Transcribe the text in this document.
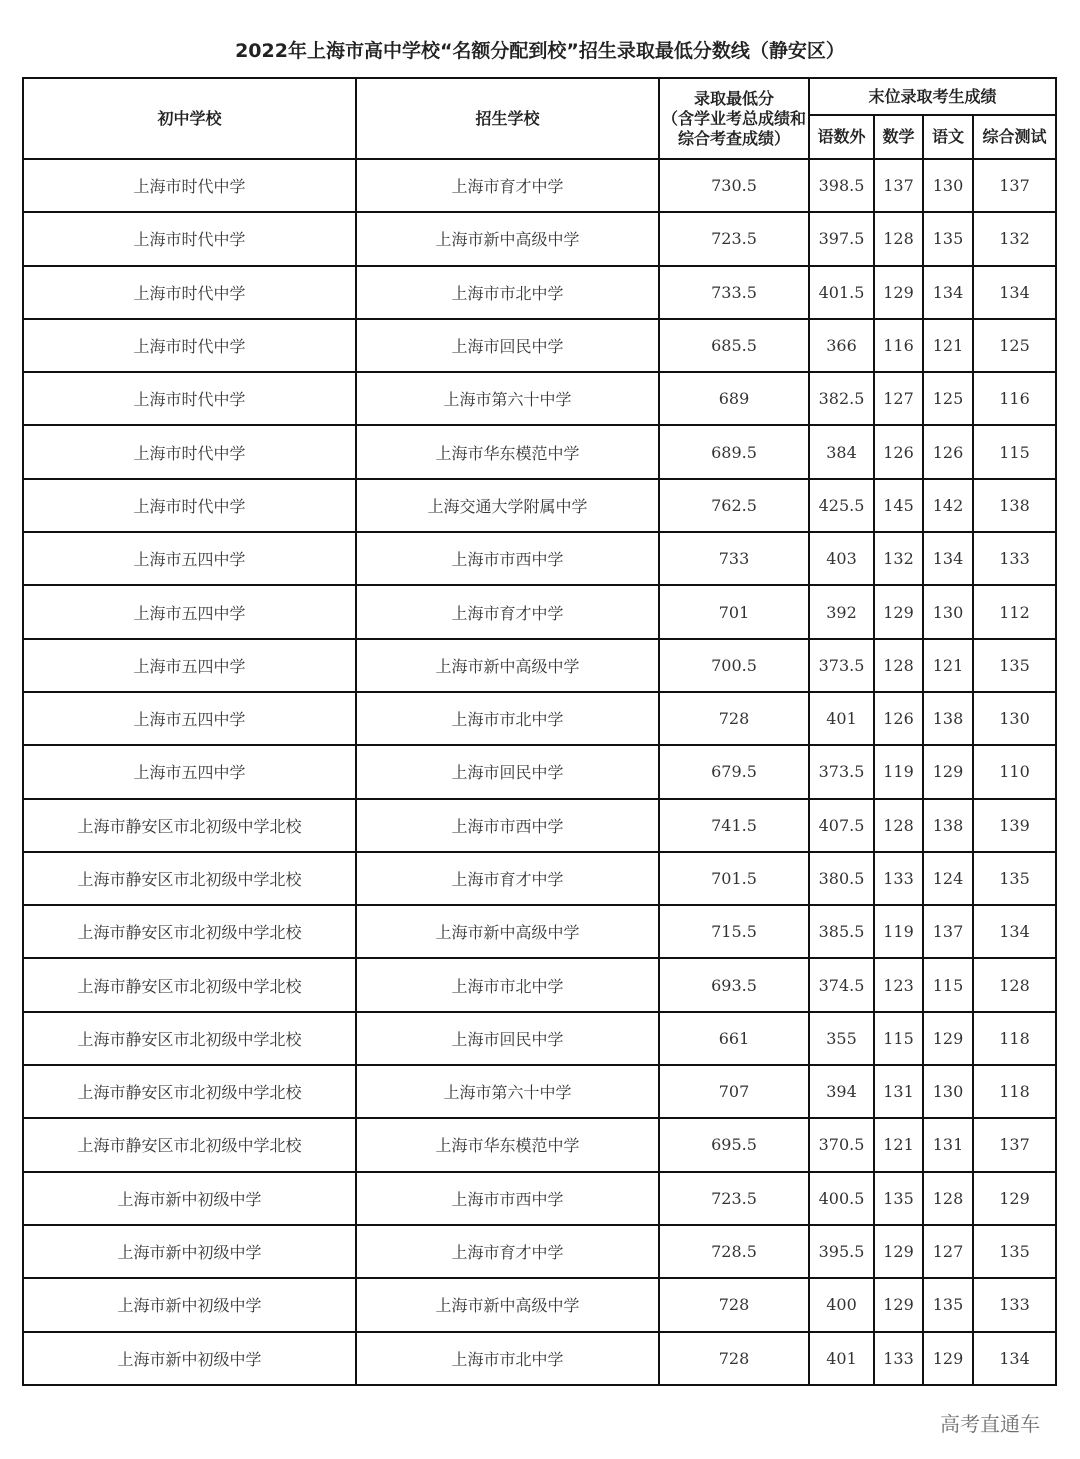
2022年上海市高中学校“名额分配到校”招生录取最低分数线（静安区）
初中学校	招生学校	录取最低分
（含学业考总成绩和综合考查成绩）	末位录取考生成绩			
			语数外	数学	语文	综合测试
上海市时代中学	上海市育才中学	730.5	398.5	137	130	137
上海市时代中学	上海市新中高级中学	723.5	397.5	128	135	132
上海市时代中学	上海市市北中学	733.5	401.5	129	134	134
上海市时代中学	上海市回民中学	685.5	366	116	121	125
上海市时代中学	上海市第六十中学	689	382.5	127	125	116
上海市时代中学	上海市华东模范中学	689.5	384	126	126	115
上海市时代中学	上海交通大学附属中学	762.5	425.5	145	142	138
上海市五四中学	上海市市西中学	733	403	132	134	133
上海市五四中学	上海市育才中学	701	392	129	130	112
上海市五四中学	上海市新中高级中学	700.5	373.5	128	121	135
上海市五四中学	上海市市北中学	728	401	126	138	130
上海市五四中学	上海市回民中学	679.5	373.5	119	129	110
上海市静安区市北初级中学北校	上海市市西中学	741.5	407.5	128	138	139
上海市静安区市北初级中学北校	上海市育才中学	701.5	380.5	133	124	135
上海市静安区市北初级中学北校	上海市新中高级中学	715.5	385.5	119	137	134
上海市静安区市北初级中学北校	上海市市北中学	693.5	374.5	123	115	128
上海市静安区市北初级中学北校	上海市回民中学	661	355	115	129	118
上海市静安区市北初级中学北校	上海市第六十中学	707	394	131	130	118
上海市静安区市北初级中学北校	上海市华东模范中学	695.5	370.5	121	131	137
上海市新中初级中学	上海市市西中学	723.5	400.5	135	128	129
上海市新中初级中学	上海市育才中学	728.5	395.5	129	127	135
上海市新中初级中学	上海市新中高级中学	728	400	129	135	133
上海市新中初级中学	上海市市北中学	728	401	133	129	134
高考直通车
